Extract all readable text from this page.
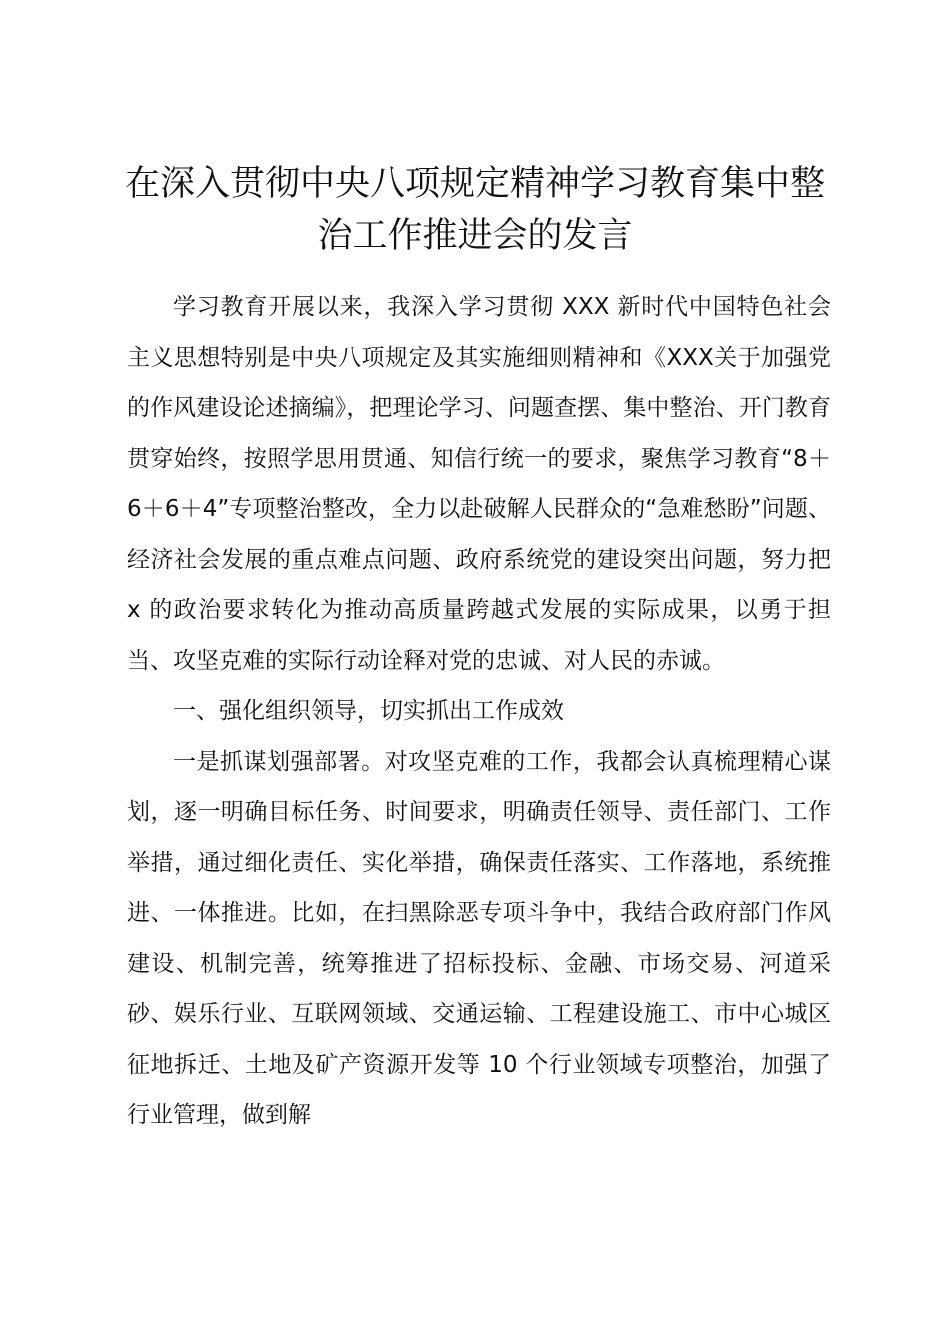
在深入贯彻中央八项规定精神学习教育集中整治工作推进会的发言

学习教育开展以来，我深入学习贯彻 XXX 新时代中国特色社会主义思想特别是中央八项规定及其实施细则精神和《XXX关于加强党的作风建设论述摘编》，把理论学习、问题查摆、集中整治、开门教育贯穿始终，按照学思用贯通、知信行统一的要求，聚焦学习教育“8＋6＋6＋4”专项整治整改，全力以赴破解人民群众的“急难愁盼”问题、经济社会发展的重点难点问题、政府系统党的建设突出问题，努力把 x 的政治要求转化为推动高质量跨越式发展的实际成果，以勇于担当、攻坚克难的实际行动诠释对党的忠诚、对人民的赤诚。

一、强化组织领导，切实抓出工作成效

一是抓谋划强部署。对攻坚克难的工作，我都会认真梳理精心谋划，逐一明确目标任务、时间要求，明确责任领导、责任部门、工作举措，通过细化责任、实化举措，确保责任落实、工作落地，系统推进、一体推进。比如，在扫黑除恶专项斗争中，我结合政府部门作风建设、机制完善，统筹推进了招标投标、金融、市场交易、河道采砂、娱乐行业、互联网领域、交通运输、工程建设施工、市中心城区征地拆迁、土地及矿产资源开发等 10 个行业领域专项整治，加强了行业管理，做到解
